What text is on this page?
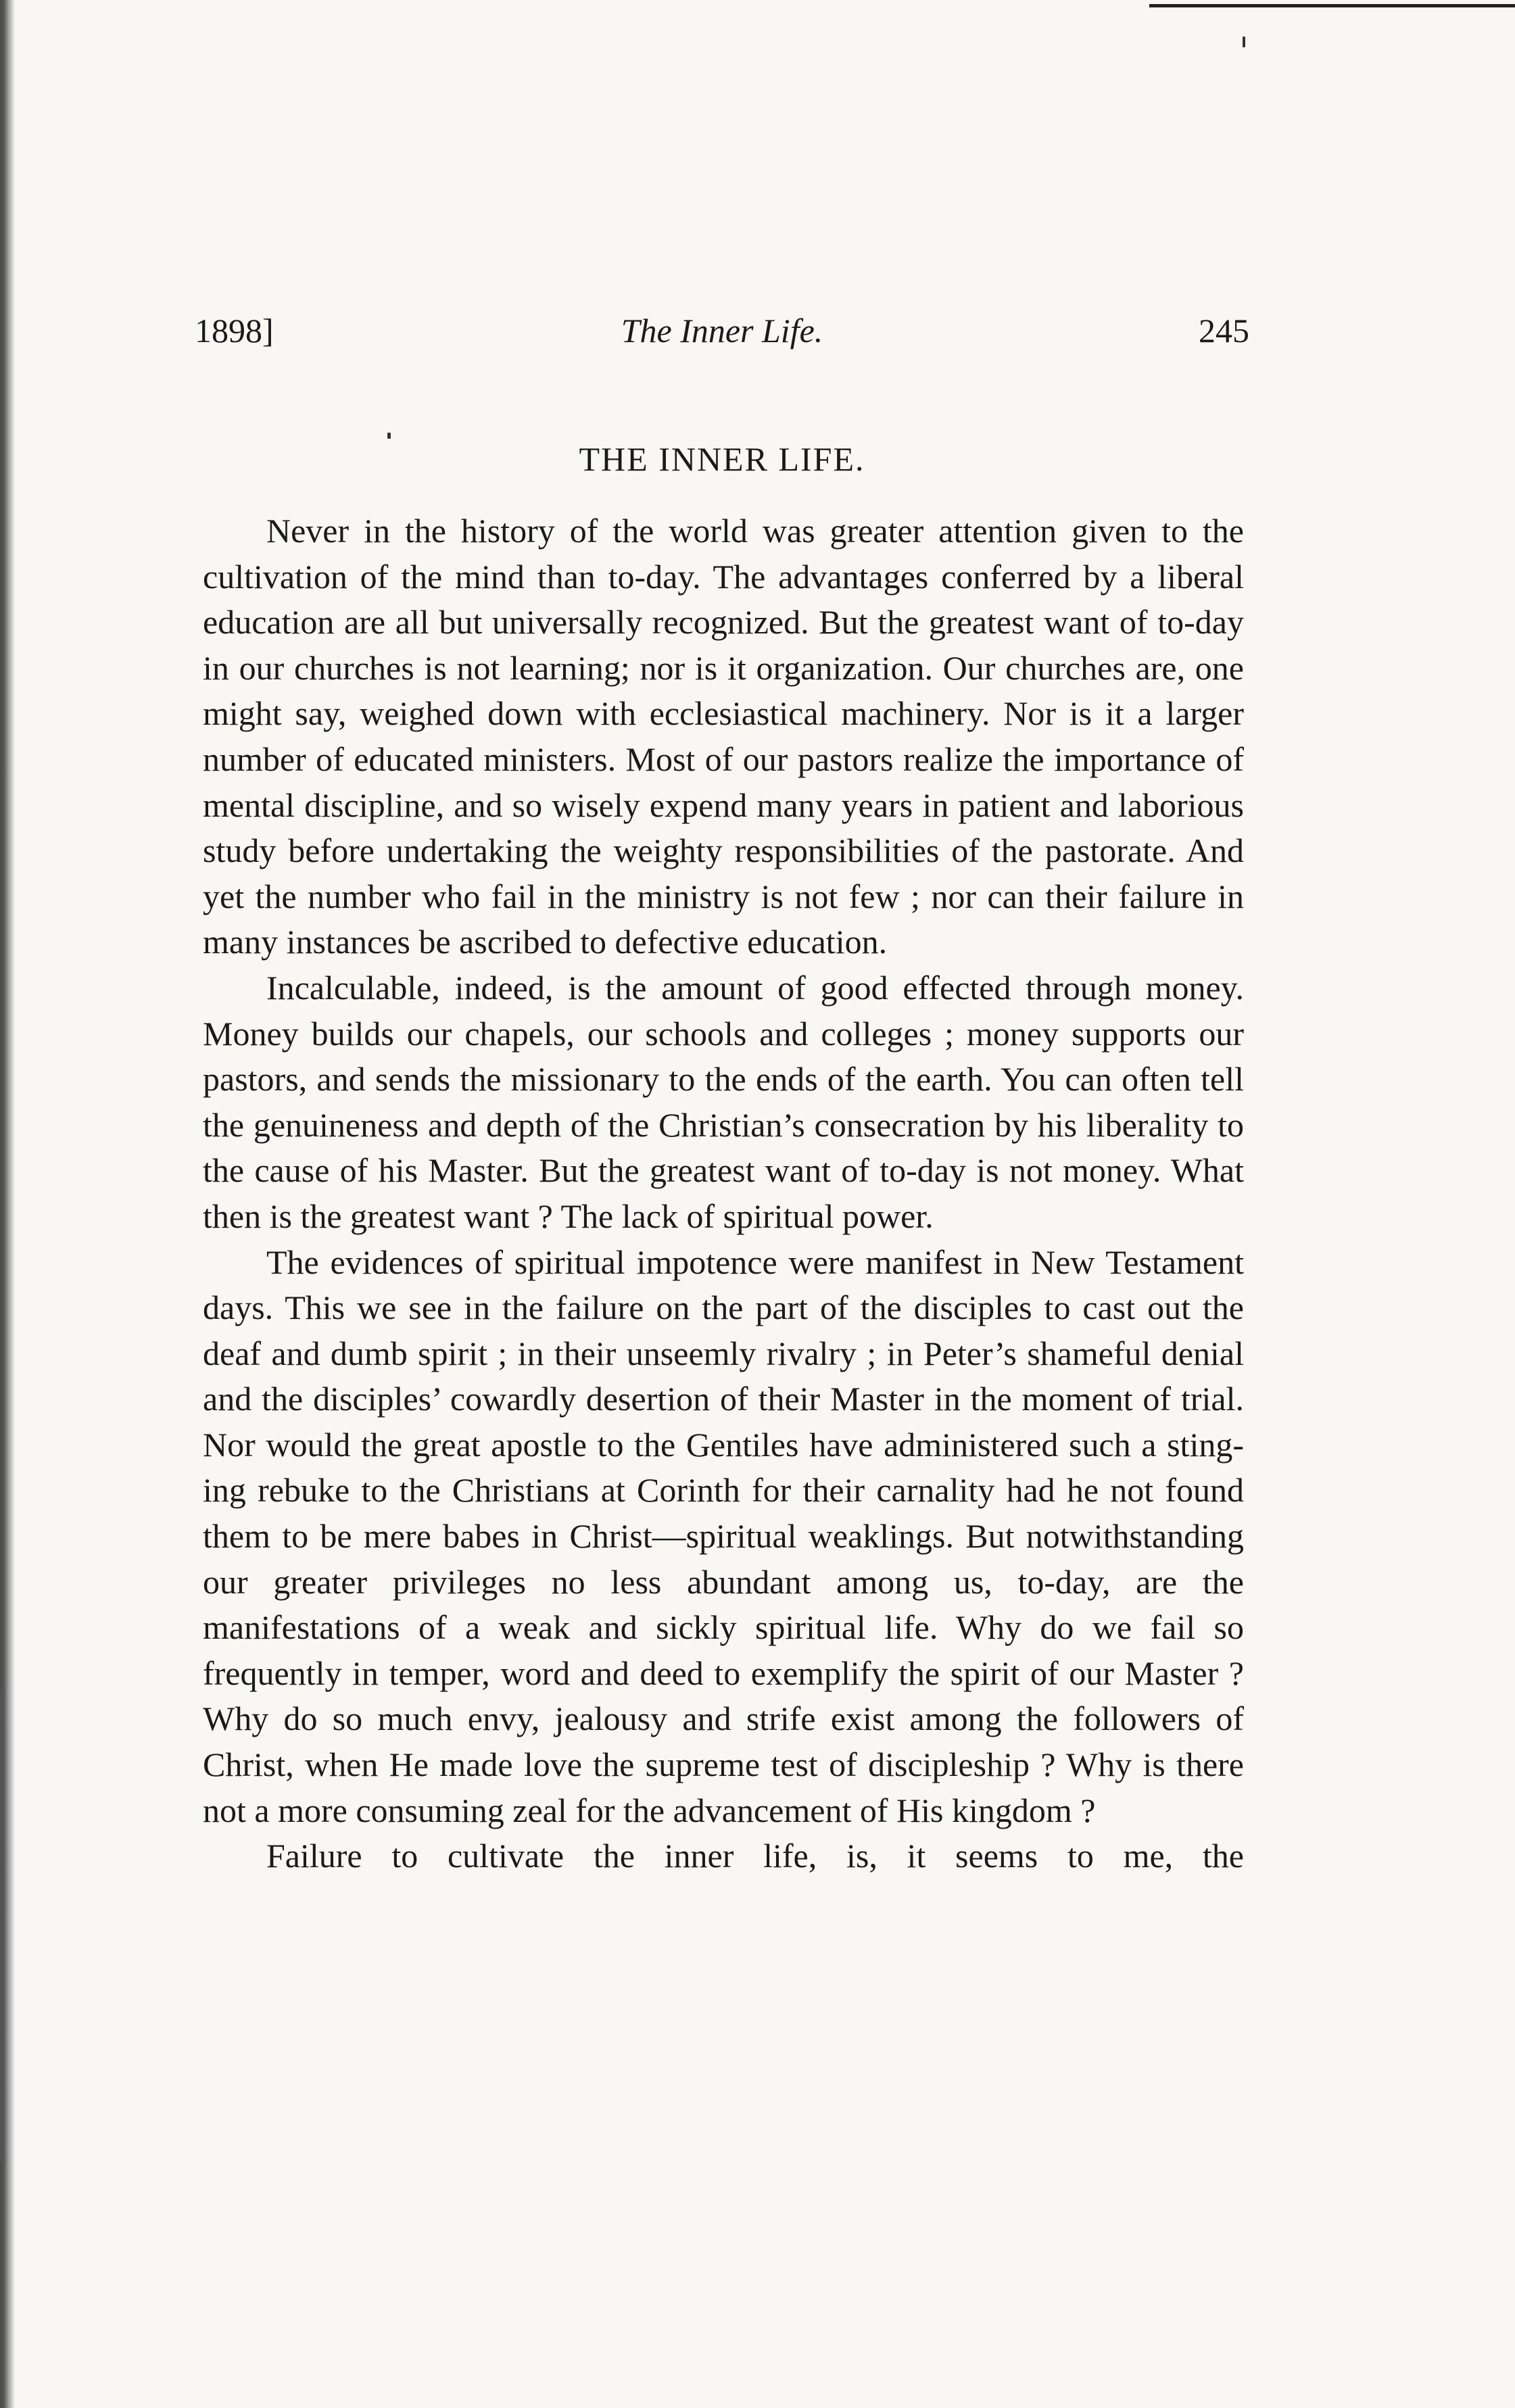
1898]	The Inner Life.	245
THE INNER LIFE.

Never in the history of the world was greater attention given to the cultivation of the mind than to-day. The advantages conferred by a liberal education are all but universally recognized. But the greatest want of to-day in our churches is not learning; nor is it organization. Our churches are, one might say, weighed down with ecclesiastical machinery. Nor is it a larger number of educated ministers. Most of our pastors realize the importance of mental discipline, and so wisely expend many years in patient and laborious study before undertaking the weighty responsibilities of the pastorate. And yet the number who fail in the ministry is not few ; nor can their failure in many instances be ascribed to defective education.

Incalculable, indeed, is the amount of good effected through money. Money builds our chapels, our schools and colleges ; money supports our pastors, and sends the missionary to the ends of the earth. You can often tell the genuineness and depth of the Christian’s consecration by his liberality to the cause of his Master. But the greatest want of to-day is not money. What then is the greatest want ? The lack of spiritual power.

The evidences of spiritual impotence were manifest in New Testament days. This we see in the failure on the part of the disciples to cast out the deaf and dumb spirit ; in their unseemly rivalry ; in Peter’s shameful denial and the disciples’ cowardly desertion of their Master in the moment of trial. Nor would the great apostle to the Gentiles have administered such a stinging rebuke to the Christians at Corinth for their carnality had he not found them to be mere babes in Christ—spiritual weaklings. But notwithstanding our greater privileges no less abundant among us, to-day, are the manifestations of a weak and sickly spiritual life. Why do we fail so frequently in temper, word and deed to exemplify the spirit of our Master ? Why do so much envy, jealousy and strife exist among the followers of Christ, when He made love the supreme test of discipleship ? Why is there not a more consuming zeal for the advancement of His kingdom ?

Failure to cultivate the inner life, is, it seems to me, the
